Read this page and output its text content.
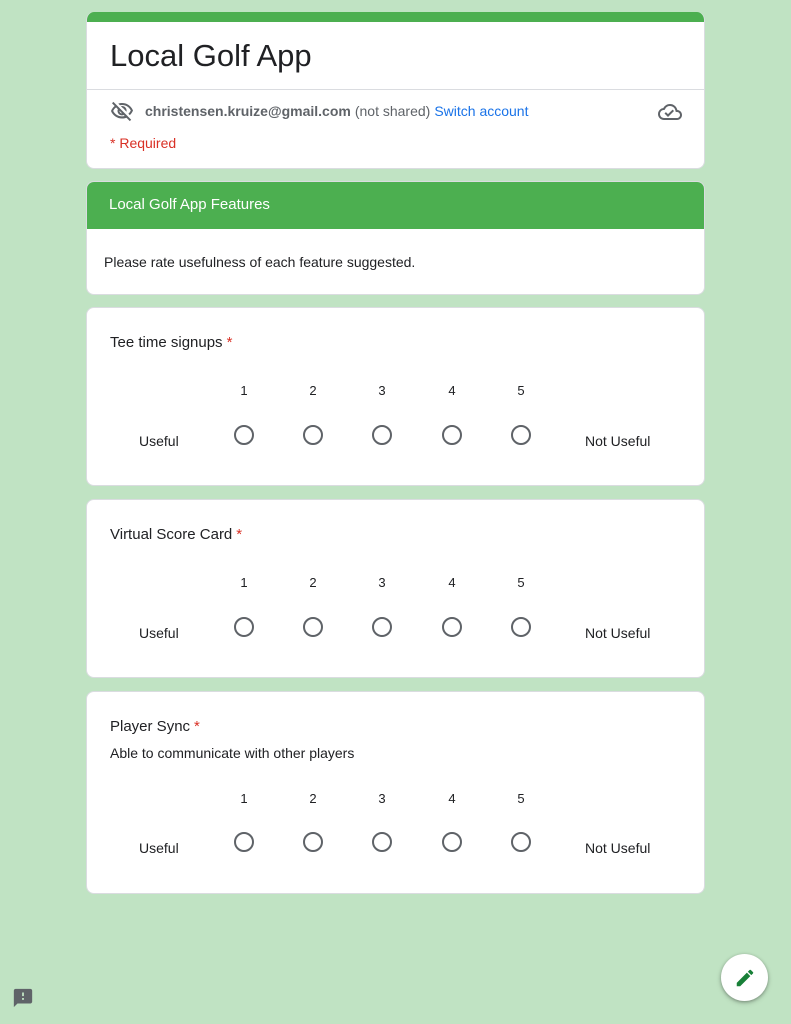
Local Golf App
christensen.kruize@gmail.com (not shared) Switch account
* Required
Local Golf App Features
Please rate usefulness of each feature suggested.
Tee time signups *
1	2	3	4	5
Useful	Not Useful
Virtual Score Card *
1	2	3	4	5
Useful	Not Useful
Player Sync *
Able to communicate with other players
1	2	3	4	5
Useful	Not Useful
